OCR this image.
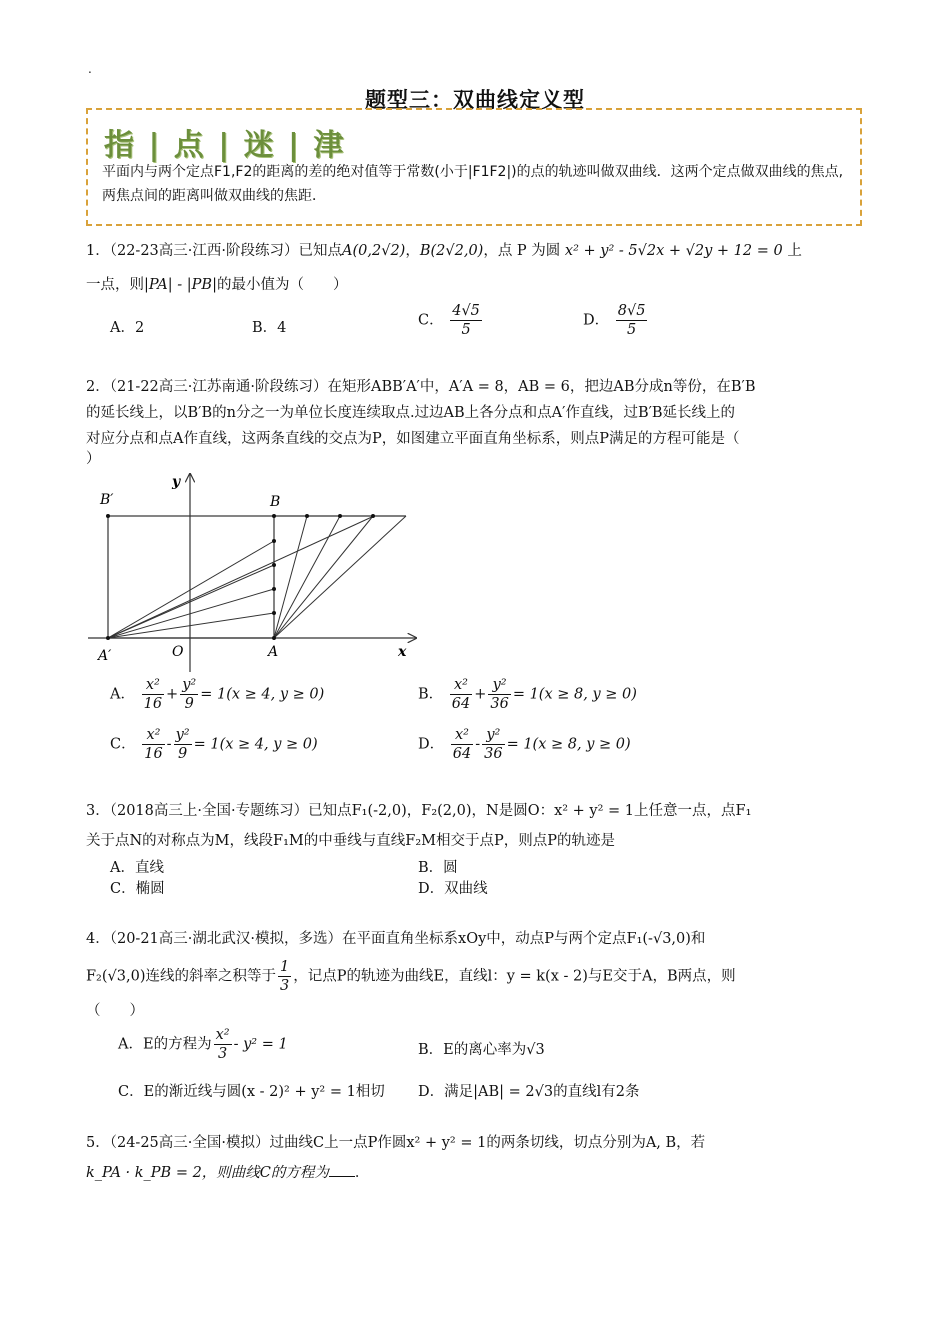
.
题型三：双曲线定义型
指 | 点 | 迷 | 津
平面内与两个定点F1,F2的距离的差的绝对值等于常数(小于|F1F2|)的点的轨迹叫做双曲线．这两个定点做双曲线的焦点,两焦点间的距离叫做双曲线的焦距．
1．（22-23高三·江西·阶段练习）已知点A(0,2√2)，B(2√2,0)，点 P 为圆 x² + y² - 5√2x + √2y + 12 = 0 上
一点，则|PA| - |PB|的最小值为（　　）
A．2	B．4	C． $\frac{4√5}{5}$	D． $\frac{8√5}{5}$
2．（21-22高三·江苏南通·阶段练习）在矩形ABB′A′中，A′A = 8，AB = 6，把边AB分成n等份，在B′B
的延长线上，以B′B的n分之一为单位长度连续取点.过边AB上各分点和点A′作直线，过B′B延长线上的
对应分点和点A作直线，这两条直线的交点为P，如图建立平面直角坐标系，则点P满足的方程可能是（
）
y
x
B′	B
A′	O	A
A． $\frac{\text{x²}}{16} + \frac{\text{y²}}{9} = 1(x \ge 4$, y ≥ 0)	B． $\frac{\text{x²}}{64} + \frac{\text{y²}}{36} = 1(x \ge 8$, y ≥ 0)
C． $\frac{\text{x²}}{16} - \frac{\text{y²}}{9} = 1(x \ge 4$, y ≥ 0)	D． $\frac{\text{x²}}{64} - \frac{\text{y²}}{36} = 1(x \ge 8$, y ≥ 0)
3．（2018高三上·全国·专题练习）已知点F₁(-2,0)，F₂(2,0)，N是圆O：x² + y² = 1上任意一点，点F₁
关于点N的对称点为M，线段F₁M的中垂线与直线F₂M相交于点P，则点P的轨迹是
A．直线	B．圆
C．椭圆	D．双曲线
4．（20-21高三·湖北武汉·模拟，多选）在平面直角坐标系xOy中，动点P与两个定点F₁(-√3,0)和
F₂(√3,0)连线的斜率之积等于 $\frac{1}{3}$ ，记点P的轨迹为曲线E，直线l：y = k(x - 2)与E交于A，B两点，则
（　　）
A．E的方程为 $\frac{\text{x²}}{3} - y^2 = 1$	B．E的离心率为√3
C．E的渐近线与圆(x - 2)² + y² = 1相切 D．满足|AB| = 2√3的直线l有2条
5．（24-25高三·全国·模拟）过曲线C上一点P作圆x² + y² = 1的两条切线，切点分别为A, B，若
k_PA · k_PB = 2，则曲线C的方程为 ．
